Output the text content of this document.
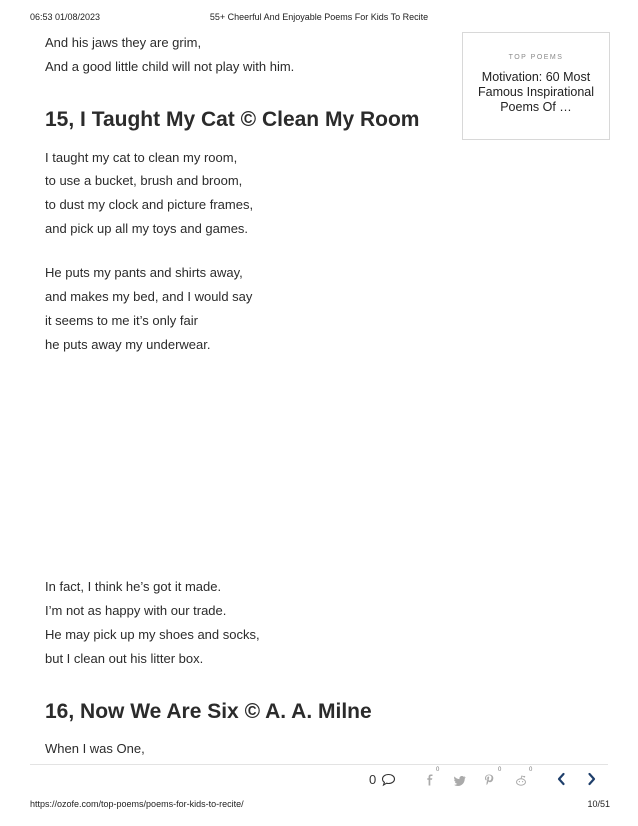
06:53 01/08/2023	55+ Cheerful And Enjoyable Poems For Kids To Recite
And his jaws they are grim,
And a good little child will not play with him.
15, I Taught My Cat © Clean My Room
I taught my cat to clean my room,
to use a bucket, brush and broom,
to dust my clock and picture frames,
and pick up all my toys and games.
He puts my pants and shirts away,
and makes my bed, and I would say
it seems to me it’s only fair
he puts away my underwear.
In fact, I think he’s got it made.
I’m not as happy with our trade.
He may pick up my shoes and socks,
but I clean out his litter box.
16, Now We Are Six © A. A. Milne
When I was One,
TOP POEMS
Motivation: 60 Most Famous Inspirational Poems Of …
0
0	0	0
https://ozofe.com/top-poems/poems-for-kids-to-recite/	10/51
